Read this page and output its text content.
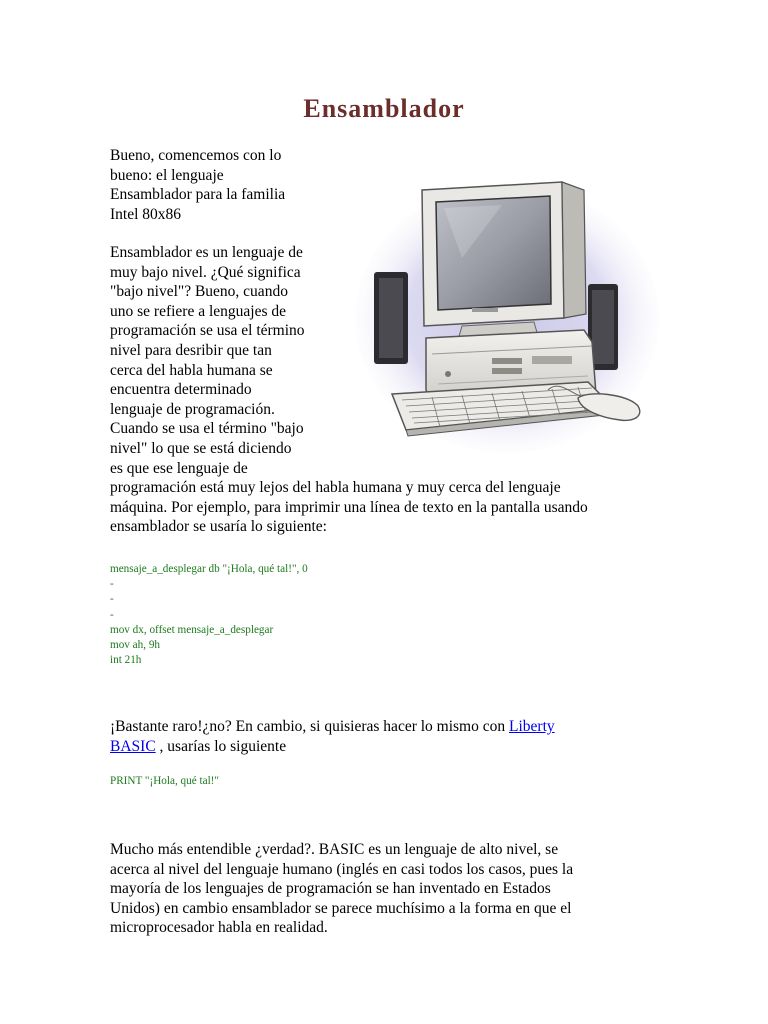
Ensamblador

Bueno, comencemos con lo
bueno: el lenguaje
Ensamblador para la familia
Intel 80x86

Ensamblador es un lenguaje de
muy bajo nivel. ¿Qué significa
"bajo nivel"? Bueno, cuando
uno se refiere a lenguajes de
programación se usa el término
nivel para desribir que tan
cerca del habla humana se
encuentra determinado
lenguaje de programación.
Cuando se usa el término "bajo
nivel" lo que se está diciendo
es que ese lenguaje de

programación está muy lejos del habla humana y muy cerca del lenguaje
máquina. Por ejemplo, para imprimir una línea de texto en la pantalla usando
ensamblador se usaría lo siguiente:

mensaje_a_desplegar db "¡Hola, qué tal!", 0
-
-
-
mov dx, offset mensaje_a_desplegar
mov ah, 9h
int 21h

¡Bastante raro!¿no? En cambio, si quisieras hacer lo mismo con Liberty
BASIC , usarías lo siguiente

PRINT "¡Hola, qué tal!"

Mucho más entendible ¿verdad?. BASIC es un lenguaje de alto nivel, se
acerca al nivel del lenguaje humano (inglés en casi todos los casos, pues la
mayoría de los lenguajes de programación se han inventado en Estados
Unidos) en cambio ensamblador se parece muchísimo a la forma en que el
microprocesador habla en realidad.
